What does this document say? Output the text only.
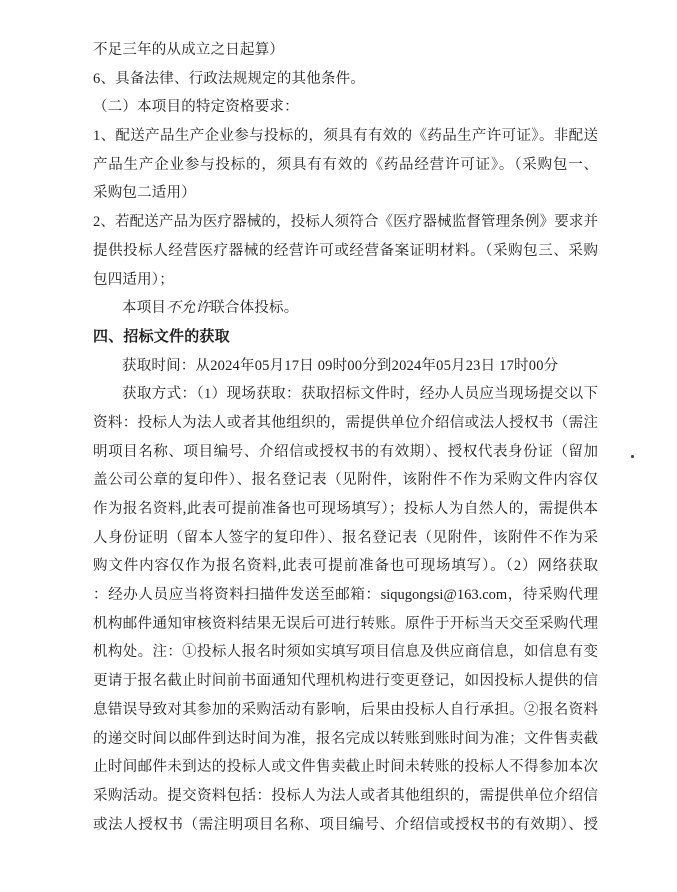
不足三年的从成立之日起算）
6、具备法律、行政法规规定的其他条件。
（二）本项目的特定资格要求：
1、配送产品生产企业参与投标的，须具有有效的《药品生产许可证》。非配送
产品生产企业参与投标的，须具有有效的《药品经营许可证》。（采购包一、
采购包二适用）
2、若配送产品为医疗器械的，投标人须符合《医疗器械监督管理条例》要求并
提供投标人经营医疗器械的经营许可或经营备案证明材料。（采购包三、采购
包四适用）；
本项目不允许联合体投标。
四、招标文件的获取
获取时间：从2024年05月17日 09时00分到2024年05月23日 17时00分
获取方式：（1）现场获取：获取招标文件时，经办人员应当现场提交以下
资料：投标人为法人或者其他组织的，需提供单位介绍信或法人授权书（需注
明项目名称、项目编号、介绍信或授权书的有效期）、授权代表身份证（留加
盖公司公章的复印件）、报名登记表（见附件，该附件不作为采购文件内容仅
作为报名资料,此表可提前准备也可现场填写）；投标人为自然人的，需提供本
人身份证明（留本人签字的复印件）、报名登记表（见附件，该附件不作为采
购文件内容仅作为报名资料,此表可提前准备也可现场填写）。（2）网络获取
：经办人员应当将资料扫描件发送至邮箱：siqugongsi@163.com，待采购代理
机构邮件通知审核资料结果无误后可进行转账。原件于开标当天交至采购代理
机构处。注：①投标人报名时须如实填写项目信息及供应商信息，如信息有变
更请于报名截止时间前书面通知代理机构进行变更登记，如因投标人提供的信
息错误导致对其参加的采购活动有影响，后果由投标人自行承担。②报名资料
的递交时间以邮件到达时间为准，报名完成以转账到账时间为准；文件售卖截
止时间邮件未到达的投标人或文件售卖截止时间未转账的投标人不得参加本次
采购活动。提交资料包括：投标人为法人或者其他组织的，需提供单位介绍信
或法人授权书（需注明项目名称、项目编号、介绍信或授权书的有效期）、授
